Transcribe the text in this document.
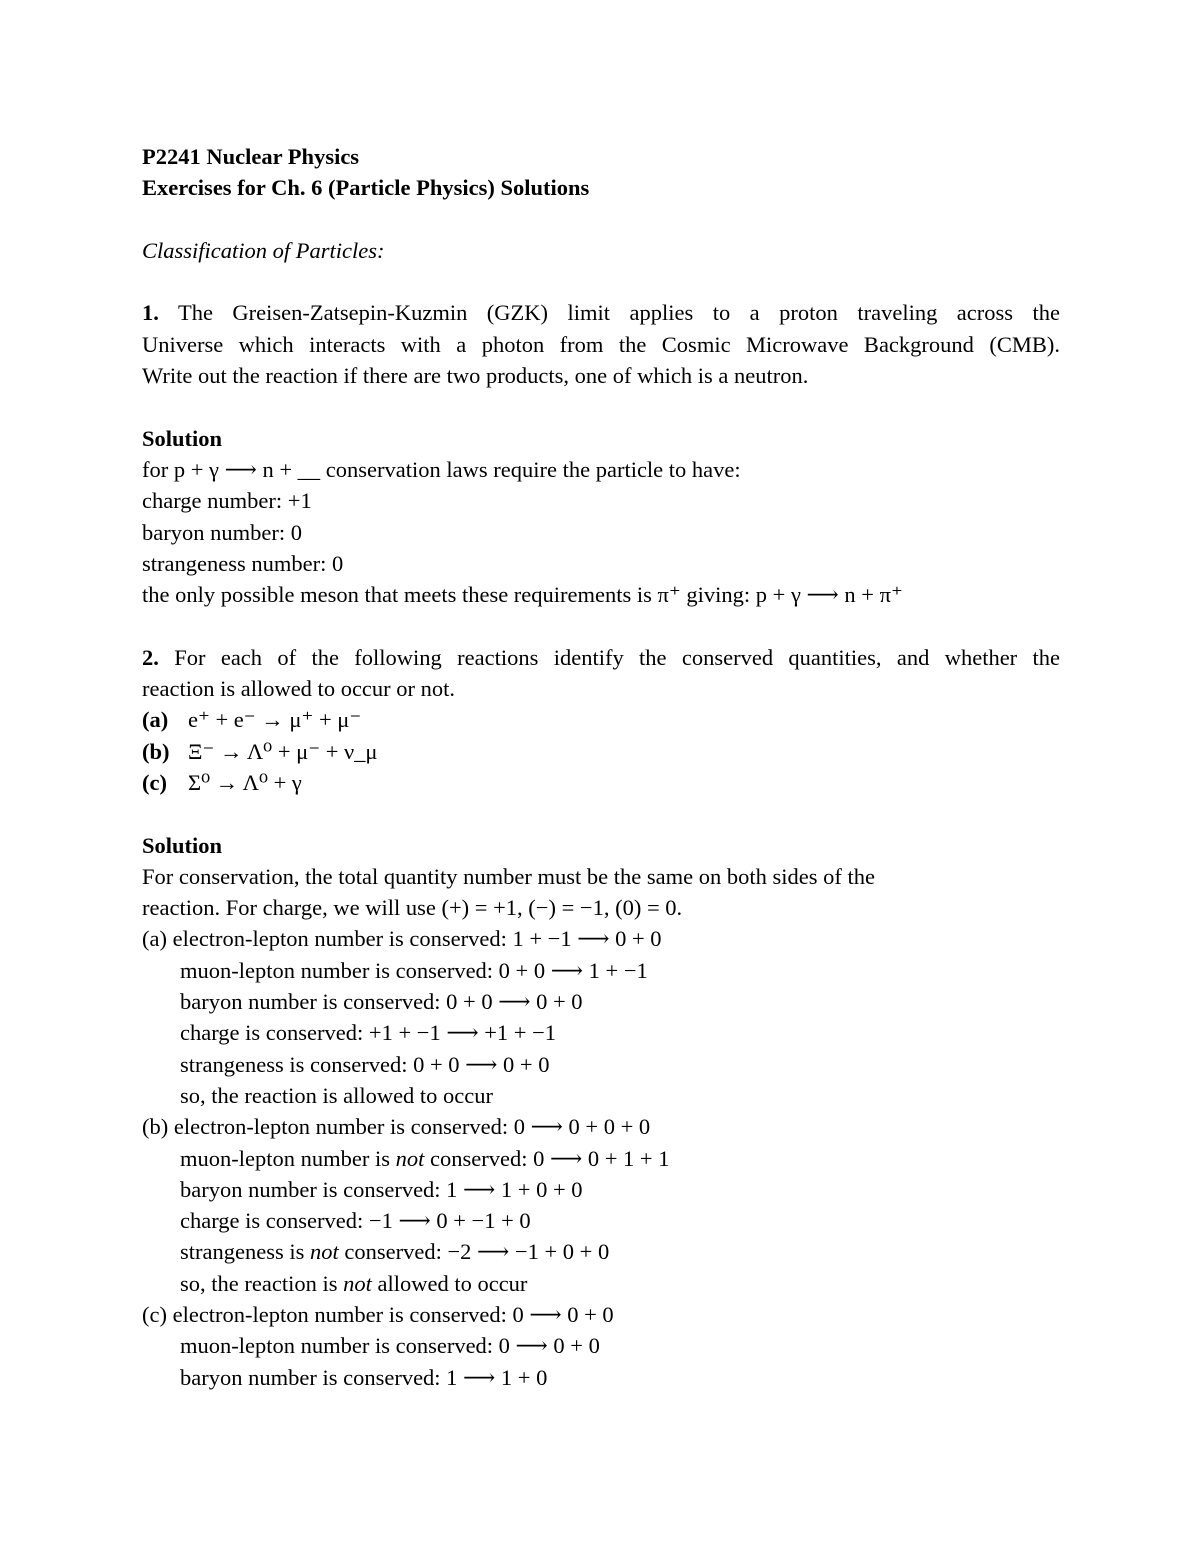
P2241 Nuclear Physics
Exercises for Ch. 6 (Particle Physics) Solutions
Classification of Particles:
1. The Greisen-Zatsepin-Kuzmin (GZK) limit applies to a proton traveling across the
Universe which interacts with a photon from the Cosmic Microwave Background (CMB).
Write out the reaction if there are two products, one of which is a neutron.
Solution
for p + γ ⟶ n + __ conservation laws require the particle to have:
charge number: +1
baryon number: 0
strangeness number: 0
the only possible meson that meets these requirements is π⁺ giving: p + γ ⟶ n + π⁺
2. For each of the following reactions identify the conserved quantities, and whether the
reaction is allowed to occur or not.
(a) e⁺ + e⁻ → μ⁺ + μ⁻
(b) Ξ⁻ → Λ⁰ + μ⁻ + ν_μ
(c) Σ⁰ → Λ⁰ + γ
Solution
For conservation, the total quantity number must be the same on both sides of the
reaction. For charge, we will use (+) = +1, (−) = −1, (0) = 0.
(a) electron-lepton number is conserved: 1 + −1 ⟶ 0 + 0
muon-lepton number is conserved: 0 + 0 ⟶ 1 + −1
baryon number is conserved: 0 + 0 ⟶ 0 + 0
charge is conserved: +1 + −1 ⟶ +1 + −1
strangeness is conserved: 0 + 0 ⟶ 0 + 0
so, the reaction is allowed to occur
(b) electron-lepton number is conserved: 0 ⟶ 0 + 0 + 0
muon-lepton number is not conserved: 0 ⟶ 0 + 1 + 1
baryon number is conserved: 1 ⟶ 1 + 0 + 0
charge is conserved: −1 ⟶ 0 + −1 + 0
strangeness is not conserved: −2 ⟶ −1 + 0 + 0
so, the reaction is not allowed to occur
(c) electron-lepton number is conserved: 0 ⟶ 0 + 0
muon-lepton number is conserved: 0 ⟶ 0 + 0
baryon number is conserved: 1 ⟶ 1 + 0
